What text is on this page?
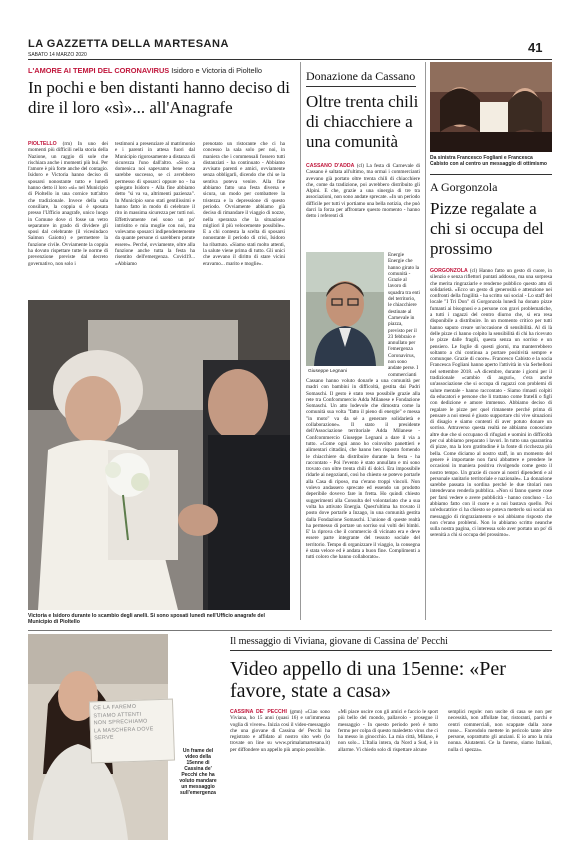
LA GAZZETTA DELLA MARTESANA
SABATO 14 MARZO 2020	41
L'AMORE AI TEMPI DEL CORONAVIRUS Isidoro e Victoria di Pioltello
In pochi e ben distanti hanno deciso di dire il loro «sì»... all'Anagrafe
PIOLTELLO (rm) In uno dei momenti più difficili nella storia della Nazione, un raggio di sole che rischiara anche i momenti più bui. Per l'amore è più forte anche del contagio. Isidoro e Victoria hanno deciso di sposarsi nonostante tutto e lunedì hanno detto il loro «sì» nel Municipio di Pioltello in una cornice tutt'altro che tradizionale. Invece della sala consiliare, la coppia si è sposata presso l'Ufficio anagrafe, unico luogo in Comune dove ci fosse un vetro separatore in grado di dividere gli sposi dal celebrante (il vicesindaco Saimon Gaiotto) e permettere la funzione civile. Ovviamente la coppia ha dovuto rispettare tutte le norme di prevenzione previste dal decreto governativo, non solo i
testimoni a presenziare al matrimonio e i parenti in attesa fuori dal Municipio rigorosamente a distanza di sicurezza l'uno dall'altro. «Sino a domenica noi sapevamo bene cosa sarebbe successo, se ci avrebbero permesso di sposarci oppure no - ha spiegato Isidoro - Alla fine abbiamo detto "sì va va, altrimenti pazienza". In Municipio sono stati gentilissimi e hanno fatto in modo di celebrare il rito in massima sicurezza per tutti noi. Effettivamente nei sono un po' intristito e mia moglie con noi, ma volevamo sposarci indipendentemente da quante persone ci sarebbero potute essere». Perché, ovviamente, oltre alla funzione anche tutta la festa ha risentito dell'emergenza. Covid19... «Abbiamo
prenotato un ristorante che ci ha concesso la sala solo per noi, in maniera che i commensali fossero tutti distanziati - ha continuato - Abbiamo avvisato parenti e amici, ovviamente senza obbligarli, dicendo che chi se la sentiva poteva venire. Alla fine abbiamo fatto una festa diversa e sicura, un modo per combattere la tristezza e la depressione di questo periodo. Ovviamente abbiamo già deciso di rimandare il viaggio di nozze, nella speranza che la situazione migliori il più velocemente possibile». E a chi contesta la scelta di sposarsi nonostante il periodo di crisi, Isidoro ha ribattuto. «Siamo stati molto attenti, la salute viene prima di tutto. Gli unici che avevano il diritto di stare vicini eravamo... marito e moglie».
Victoria e Isidoro durante lo scambio degli anelli. Si sono sposati lunedì nell'Ufficio anagrafe del Municipio di Pioltello
Donazione da Cassano
Oltre trenta chili di chiacchiere a una comunità
CASSANO D'ADDA (cl) La festa di Carnevale di Cassano è saltata all'ultimo, ma ormai i commercianti avevano già portato oltre trenta chili di chiacchiere che, come da tradizione, poi avrebbero distribuito gli Alpini. E che, grazie a una sinergia di tre tra associazioni, non sono andate sprecate. «In un periodo difficile per tutti vi portiamo una bella notizia, che può darci la forza per affrontare questo momento - hanno detto i referenti di
Giuseppe Legnani
Energie Energie che hanno girato la comunità - Grazie al lavoro di squadra tra enti del territorio, le chiacchiere destinate al Carnevale in piazza, previsto per il 23 febbraio e annullato per l'emergenza Coronavirus, non sono andate perse. I commercianti
Cassano hanno voluto donarle a una comunità per madri con bambini in difficoltà, gestita dai Padri Somaschi. Il gesto è stato reso possibile grazie alla rete tra Confcommercio Adda Milanese e Fondazione Somaschi. Un atto lodevole che dimostra come la comunità sua volta "fatto il pieno di energie" e messa "in moto" va da sé a generare solidarietà e collaborazione». Il stato il presidente dell'Associazione territoriale Adda Milanese - Confcommercio Giuseppe Legnani a dare il via a tutto. «Come ogni anno ho coinvolto panettieri e alimentari cittadini, che hanno ben risposto fornendo le chiacchiere da distribuire durante la festa - ha raccontato - Poi l'evento è stato annullato e mi sono trovato con oltre trenta chili di dolci. Era impossibile ridarle ai negozianti, così ho chiesto se potevo portarle alla Casa di riposo, ma c'erano troppi vincoli. Non volevo andassero sprecate ed essendo un prodotto deperibile dovevo fare in fretta. Ho quindi chiesto suggerimenti alla Consulta del volontariato che a sua volta ha attivato Energia. Quest'ultima ha trovato il posto dove portarle a Inzago, in una comunità gestita dalla Fondazione Somaschi. L'unione di queste realtà ha permesso di portare un sorriso sui volti dei bimbi. E' la riprova che il commercio di vicinato era e deve essere parte integrante del tessuto sociale del territorio. Tempo di organizzare il viaggio, la consegna è stata veloce ed è andata a buon fine. Complimenti a tutti coloro che hanno collaborato».
Da sinistra Francesco Fogliani e Francesca Cabisto con al centro un messaggio di ottimismo
A Gorgonzola
Pizze regalate a chi si occupa del prossimo
GORGONZOLA (cl) Hanno fatto un gesto di cuore, in silenzio e senza riflettori puntati addosso, ma una sorpresa che merita ringraziarle e renderne pubblico questo atto di solidarietà. «Ecco un gesto di generosità e attenzione nei confronti della fragilità - ha scritto sui social - Lo staff del locale "I Tri Don" di Gorgonzola lunedì ha donato pizze fumanti ai bisognosi e a persone con gravi problematiche, a tutti i ragazzi del centro diurno che, si era resa disponibile a distribuire. In un momento critico per tutti hanno saputo creare un'occasione di sensibilità. Al di là delle pizze ci hanno colpito la sensibilità di chi ha ricevuto le pizze dalle fragili, questa senza un sorriso e un pensiero. Le foglie di questi giorni, ma manterrebbero soltanto a chi continua a portare positività sempre e comunque. Grazie di cuore». Francesco Cabisto e la socia Francesca Fogliani hanno aperto l'attività in via Serbelloni nel settembre 2018. «A dicembre, durante i giorni per il tradizionale «cambio di auguri», c'era anche un'associazione che si occupa di ragazzi con problemi di salute mentale - hanno raccontato - Siamo rimasti colpiti da educatori e persone che li trattano come fratelli o figli con dedizione e amore immenso. Abbiamo deciso di regalare le pizze per quel rimanente perché prima di pensare a noi stessi è giusto supportare chi vive situazioni di disagio e siamo contenti di aver potuto donare un sorriso. Attraverso questa realtà ne abbiamo conosciute altre due che si occupano di rifugiati e uomini in difficoltà per cui abbiamo preparato i lavori. In tutto una quarantina di pizze, ma la loro gratitudine è la fonte di ricchezza più bella. Come diciamo al nostro staff, in un momento del genere è importante non farsi abbattere e prendere le occasioni in maniera positiva rivolgendo come gesto il nostro tempo. Un grazie di cuore ai nostri dipendenti e al personale sanitario territoriale e nazionale». La donazione sarebbe passata in sordina perché le due titolari non intendevano renderla pubblica. «Non si fanno queste cose per farsi vedere o avere pubblicità - hanno concluso - Lo abbiamo fatto con il cuore e a noi bastava quello. Poi un'educatrice ci ha chiesto se poteva metterlo sui social un messaggio di ringraziamento e noi abbiamo risposto che non c'erano problemi. Non lo abbiamo scritto neanche sulla nostra pagina, ci interessa solo aver portato un po' di serenità a chi si occupa del prossimo».
CE LA FAREMO
STIAMO ATTENTI
NON SPRECHIAMO
LA MASCHERA DOVE
SERVE
Un frame del video della 15enne di Cassina de' Pecchi che ha voluto mandare un messaggio sull'emergenza
Il messaggio di Viviana, giovane di Cassina de' Pecchi
Video appello di una 15enne: «Per favore, state a casa»
CASSINA DE' PECCHI (gmn) «Ciao sono Viviana, ho 15 anni (quasi 16) e un'immensa voglia di vivere». Inizia così il video-messaggio che una giovane di Cassina de' Pecchi ha registrato e affidato al nostro sito web (lo trovate on line su www.primalamartesana.it) per diffondere un appello più ampio possibile.
«Mi piace uscire con gli amici e faccio le sport più bello del mondo, pallavolo - prosegue il messaggio - In questo periodo però è tutto fermo per colpa di questo maledetto virus che ci ha messo in ginocchio. La mia città, Milano, è non solo... L'Italia intera, da Nord a Sud, è in allarme. Vi chiedo solo di rispettare alcune
semplici regole: non uscite di casa se non per necessità, non affollate bar, ristoranti, parchi e centri commerciali, non scappate dalla zone rosse... Facendolo mettete in pericolo tante altre persone, soprattutto gli anziani. E io amo la mia nonna. Aiutatemi. Ce la faremo, siamo Italiani, nulla ci spezza».
